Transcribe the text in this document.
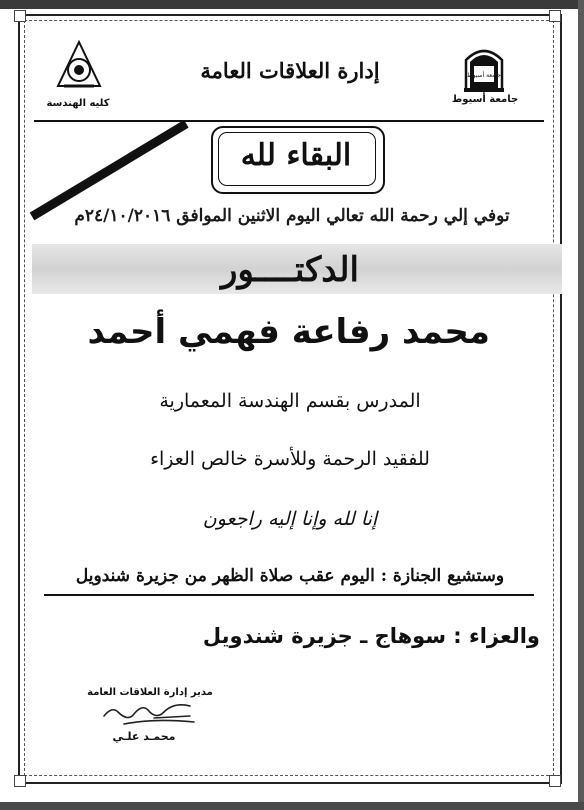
جامعة أسيوط
جامعة أسيوط
كليه الهندسة
إدارة العلاقات العامة
البقاء لله
توفي إلي رحمة الله تعالي اليوم الاثنين الموافق ٢٤/١٠/٢٠١٦م
الدكتــــور
محمد رفاعة فهمي أحمد
المدرس بقسم الهندسة المعمارية
للفقيد الرحمة وللأسرة خالص العزاء
إنا لله وإنا إليه راجعون
وستشيع الجنازة : اليوم عقب صلاة الظهر من جزيرة شندويل
والعزاء : سوهاج ـ جزيرة شندويل
مدير إدارة العلاقات العامة
محمـد علـي
